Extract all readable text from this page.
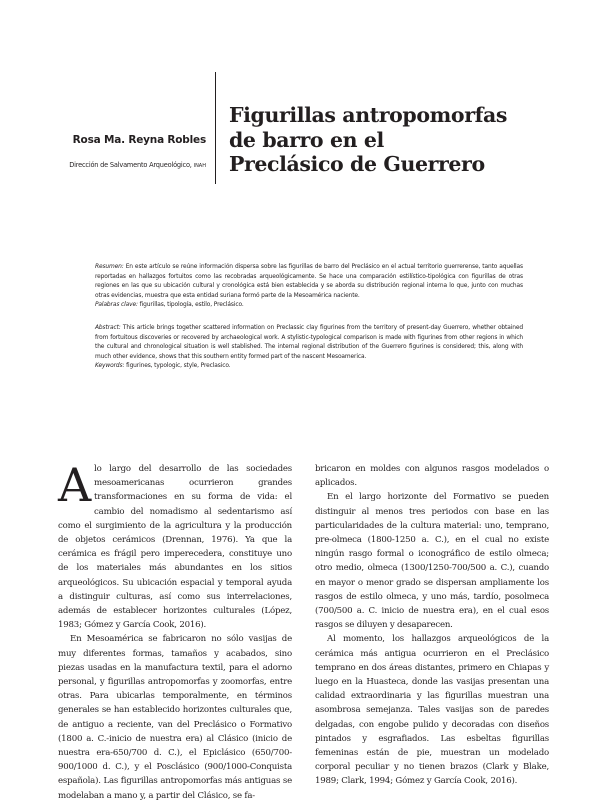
Rosa Ma. Reyna Robles
Dirección de Salvamento Arqueológico, INAH
Figurillas antropomorfas
de barro en el
Preclásico de Guerrero

Resumen: En este artículo se reúne información dispersa sobre las figurillas de barro del Preclásico en el actual territorio guerrerense, tanto aquellas reportadas en hallazgos fortuitos como las recobradas arqueológicamente. Se hace una comparación estilístico-tipológica con figurillas de otras regiones en las que su ubicación cultural y cronológica está bien establecida y se aborda su distribución regional interna lo que, junto con muchas otras evidencias, muestra que esta entidad suriana formó parte de la Mesoamérica naciente.

Palabras clave: figurillas, tipología, estilo, Preclásico.

Abstract: This article brings together scattered information on Preclassic clay figurines from the territory of present-day Guerrero, whether obtained from fortuitous discoveries or recovered by archaeological work. A stylistic-typological comparison is made with figurines from other regions in which the cultural and chronological situation is well stablished. The internal regional distribution of the Guerrero figurines is considered; this, along with much other evidence, shows that this southern entity formed part of the nascent Mesoamerica.

Keywords: figurines, typologic, style, Preclasico.

Alo largo del desarrollo de las sociedades mesoamericanas ocurrieron grandes transformaciones en su forma de vida: el cambio del nomadismo al sedentarismo así como el surgimiento de la agricultura y la producción de objetos cerámicos (Drennan, 1976). Ya que la cerámica es frágil pero imperecedera, constituye uno de los materiales más abundantes en los sitios arqueológicos. Su ubicación espacial y temporal ayuda a distinguir culturas, así como sus interrelaciones, además de establecer horizontes culturales (López, 1983; Gómez y García Cook, 2016).

En Mesoamérica se fabricaron no sólo vasijas de muy diferentes formas, tamaños y acabados, sino piezas usadas en la manufactura textil, para el adorno personal, y figurillas antropomorfas y zoomorfas, entre otras. Para ubicarlas temporalmente, en términos generales se han establecido horizontes culturales que, de antiguo a reciente, van del Preclásico o Formativo (1800 a. C.-inicio de nuestra era) al Clásico (inicio de nuestra era-650/700 d. C.), el Epiclásico (650/700-900/1000 d. C.), y el Posclásico (900/1000-Conquista española). Las figurillas antropomorfas más antiguas se modelaban a mano y, a partir del Clásico, se fa-

bricaron en moldes con algunos rasgos modelados o aplicados.

En el largo horizonte del Formativo se pueden distinguir al menos tres periodos con base en las particularidades de la cultura material: uno, temprano, pre-olmeca (1800-1250 a. C.), en el cual no existe ningún rasgo formal o iconográfico de estilo olmeca; otro medio, olmeca (1300/1250-700/500 a. C.), cuando en mayor o menor grado se dispersan ampliamente los rasgos de estilo olmeca, y uno más, tardío, posolmeca (700/500 a. C. inicio de nuestra era), en el cual esos rasgos se diluyen y desaparecen.

Al momento, los hallazgos arqueológicos de la cerámica más antigua ocurrieron en el Preclásico temprano en dos áreas distantes, primero en Chiapas y luego en la Huasteca, donde las vasijas presentan una calidad extraordinaria y las figurillas muestran una asombrosa semejanza. Tales vasijas son de paredes delgadas, con engobe pulido y decoradas con diseños pintados y esgrafiados. Las esbeltas figurillas femeninas están de pie, muestran un modelado corporal peculiar y no tienen brazos (Clark y Blake, 1989; Clark, 1994; Gómez y García Cook, 2016).
